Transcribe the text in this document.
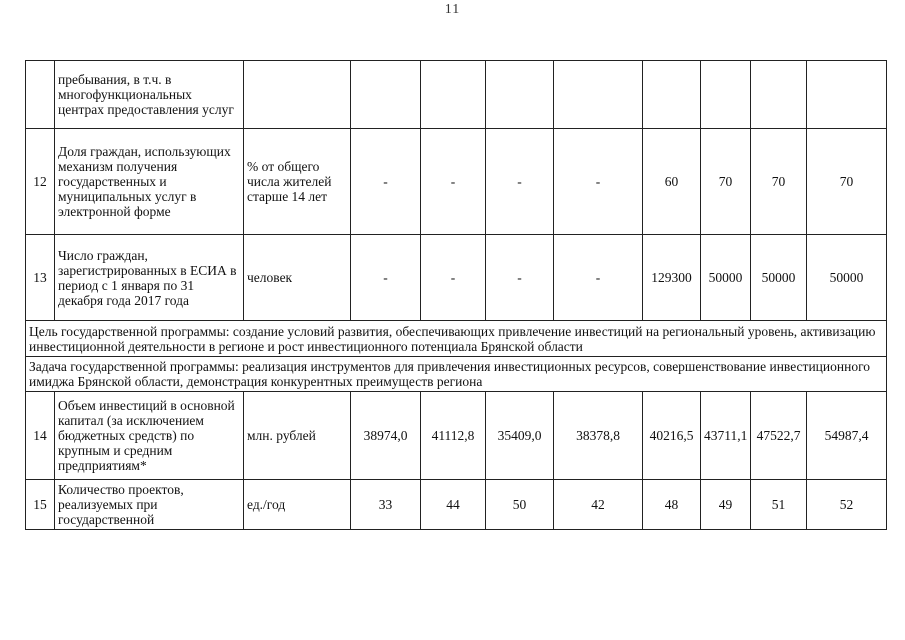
11
	пребывания, в т.ч. в многофункциональных центрах предоставления услуг									
12	Доля граждан, использующих механизм получения государственных и муниципальных услуг в электронной форме	% от общего числа жителей старше 14 лет	-	-	-	-	60	70	70	70
13	Число граждан, зарегистрированных в ЕСИА в период с 1 января по 31 декабря года 2017 года	человек	-	-	-	-	129300	50000	50000	50000
Цель государственной программы: создание условий развития, обеспечивающих привлечение инвестиций на региональный уровень, активизацию инвестиционной деятельности в регионе и рост инвестиционного потенциала Брянской области										
Задача государственной программы: реализация инструментов для привлечения инвестиционных ресурсов, совершенствование инвестиционного имиджа Брянской области, демонстрация конкурентных преимуществ региона										
14	Объем инвестиций в основной капитал (за исключением бюджетных средств) по крупным и средним предприятиям*	млн. рублей	38974,0	41112,8	35409,0	38378,8	40216,5	43711,1	47522,7	54987,4
15	Количество проектов, реализуемых при государственной	ед./год	33	44	50	42	48	49	51	52
